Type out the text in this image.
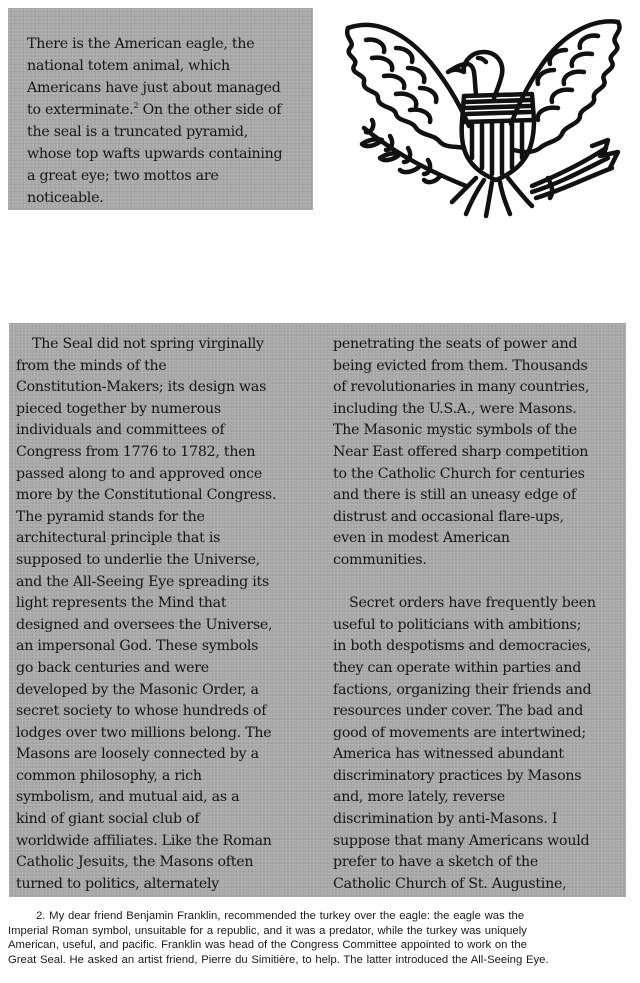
There is the American eagle, the
national totem animal, which
Americans have just about managed
to exterminate.$^2$ On the other side of
the seal is a truncated pyramid,
whose top wafts upwards containing
a great eye; two mottos are
noticeable.
The Seal did not spring virginally
from the minds of the
Constitution-Makers; its design was
pieced together by numerous
individuals and committees of
Congress from 1776 to 1782, then
passed along to and approved once
more by the Constitutional Congress.
The pyramid stands for the
architectural principle that is
supposed to underlie the Universe,
and the All-Seeing Eye spreading its
light represents the Mind that
designed and oversees the Universe,
an impersonal God. These symbols
go back centuries and were
developed by the Masonic Order, a
secret society to whose hundreds of
lodges over two millions belong. The
Masons are loosely connected by a
common philosophy, a rich
symbolism, and mutual aid, as a
kind of giant social club of
worldwide affiliates. Like the Roman
Catholic Jesuits, the Masons often
turned to politics, alternately
penetrating the seats of power and
being evicted from them. Thousands
of revolutionaries in many countries,
including the U.S.A., were Masons.
The Masonic mystic symbols of the
Near East offered sharp competition
to the Catholic Church for centuries
and there is still an uneasy edge of
distrust and occasional flare-ups,
even in modest American
communities.
Secret orders have frequently been
useful to politicians with ambitions;
in both despotisms and democracies,
they can operate within parties and
factions, organizing their friends and
resources under cover. The bad and
good of movements are intertwined;
America has witnessed abundant
discriminatory practices by Masons
and, more lately, reverse
discrimination by anti-Masons. I
suppose that many Americans would
prefer to have a sketch of the
Catholic Church of St. Augustine,
2. My dear friend Benjamin Franklin, recommended the turkey over the eagle: the eagle was the
Imperial Roman symbol, unsuitable for a republic, and it was a predator, while the turkey was uniquely
American, useful, and pacific. Franklin was head of the Congress Committee appointed to work on the
Great Seal. He asked an artist friend, Pierre du Simitière, to help. The latter introduced the All-Seeing Eye.
